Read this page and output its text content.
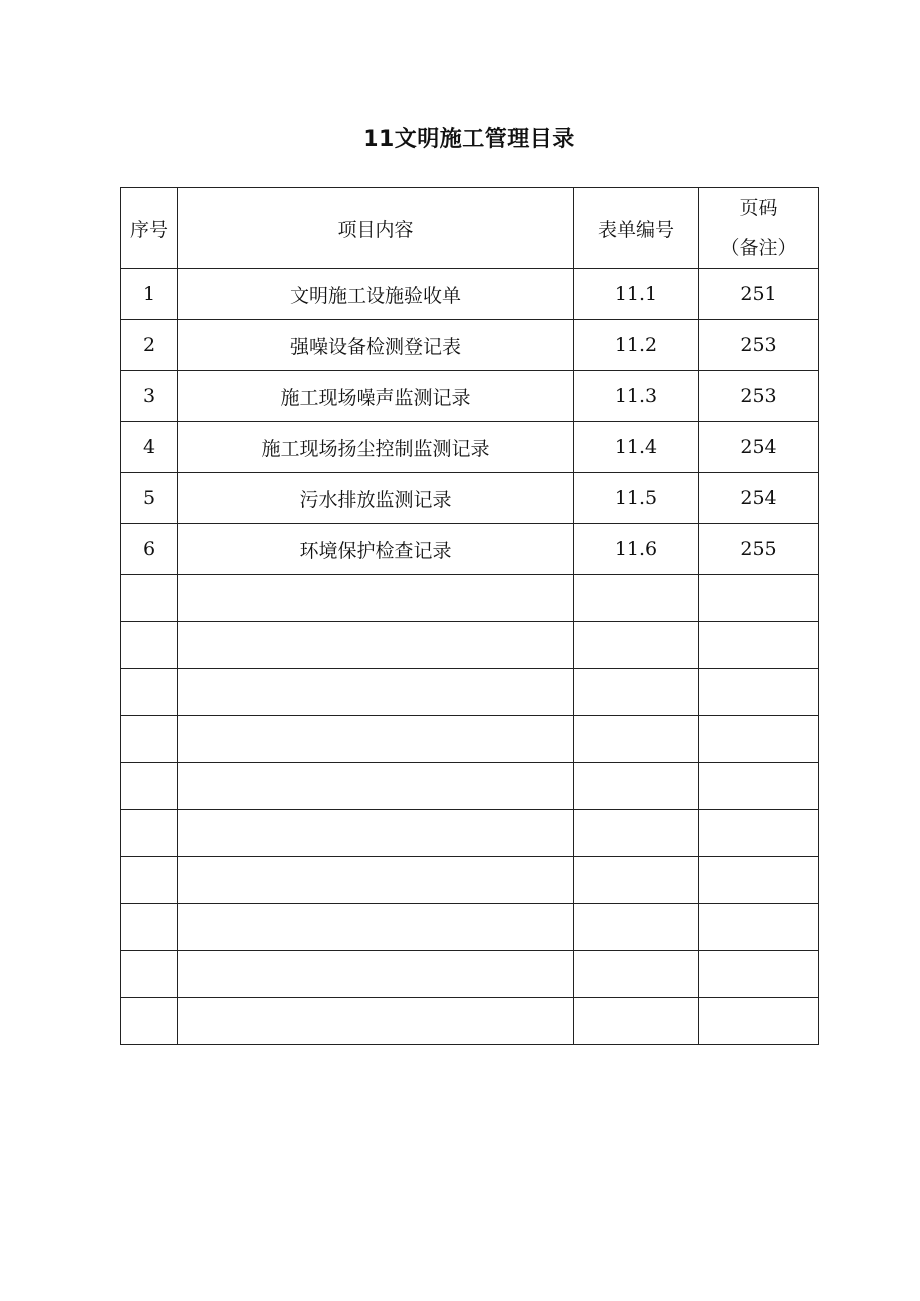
11文明施工管理目录
序号	项目内容	表单编号	页码
（备注）

1	文明施工设施验收单	11.1	251
2	强噪设备检测登记表	11.2	253
3	施工现场噪声监测记录	11.3	253
4	施工现场扬尘控制监测记录	11.4	254
5	污水排放监测记录	11.5	254
6	环境保护检查记录	11.6	255
